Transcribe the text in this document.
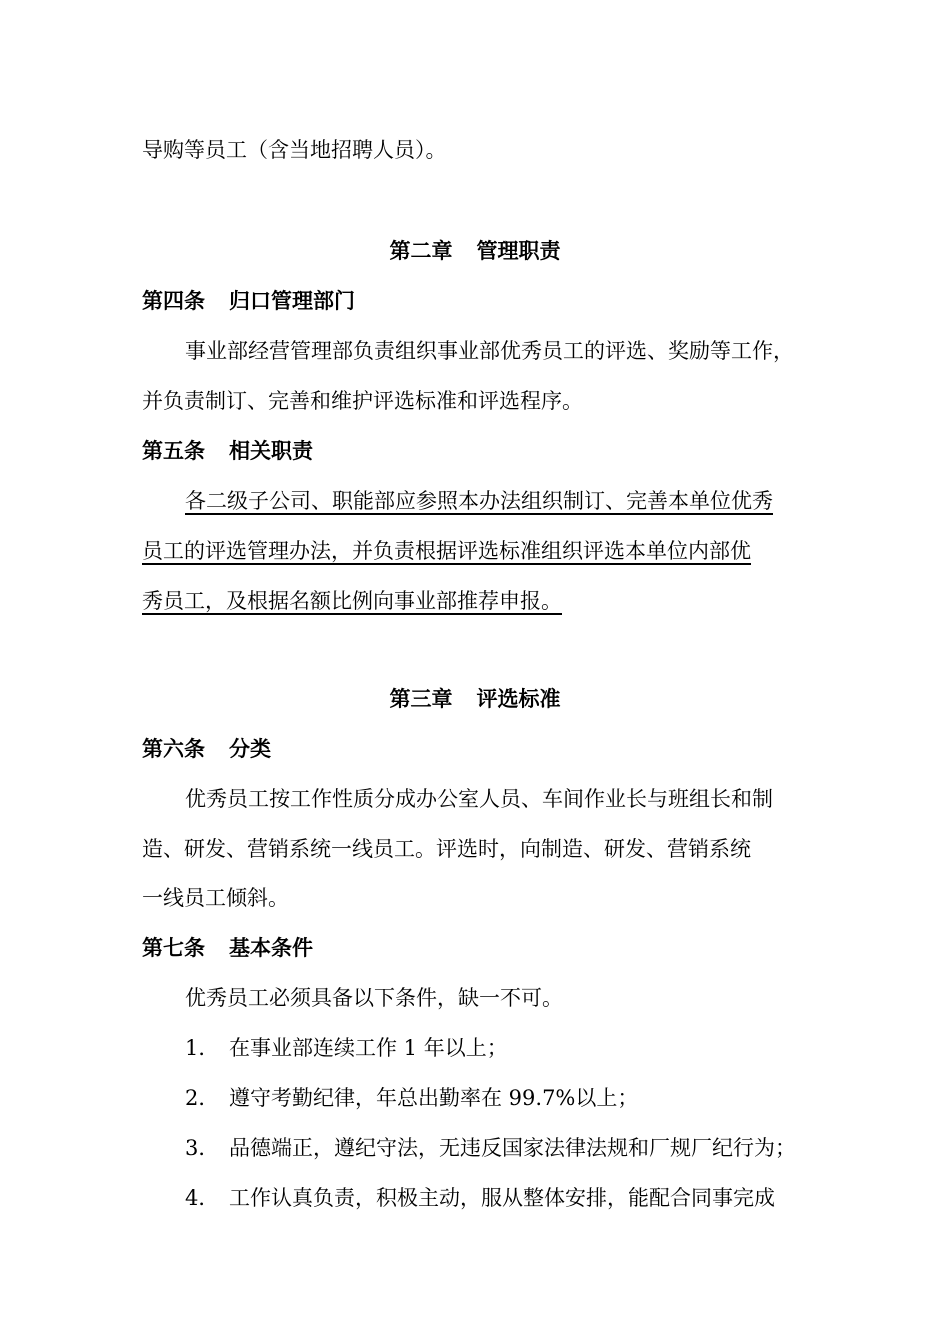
导购等员工（含当地招聘人员）。
第二章 管理职责
第四条 归口管理部门
事业部经营管理部负责组织事业部优秀员工的评选、奖励等工作，
并负责制订、完善和维护评选标准和评选程序。
第五条 相关职责
各二级子公司、职能部应参照本办法组织制订、完善本单位优秀
员工的评选管理办法，并负责根据评选标准组织评选本单位内部优
秀员工，及根据名额比例向事业部推荐申报。
第三章 评选标准
第六条 分类
优秀员工按工作性质分成办公室人员、车间作业长与班组长和制
造、研发、营销系统一线员工。评选时，向制造、研发、营销系统
一线员工倾斜。
第七条 基本条件
优秀员工必须具备以下条件，缺一不可。
1． 在事业部连续工作 1 年以上；
2． 遵守考勤纪律，年总出勤率在 99.7%以上；
3． 品德端正，遵纪守法，无违反国家法律法规和厂规厂纪行为；
4． 工作认真负责，积极主动，服从整体安排，能配合同事完成
